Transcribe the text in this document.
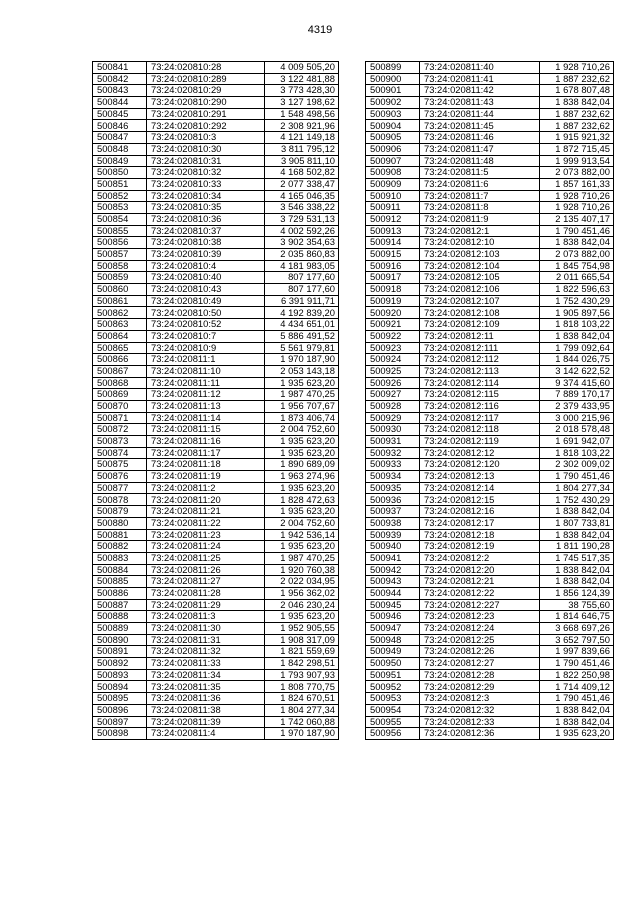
4319
500841	73:24:020810:28	4 009 505,20
500842	73:24:020810:289	3 122 481,88
500843	73:24:020810:29	3 773 428,30
500844	73:24:020810:290	3 127 198,62
500845	73:24:020810:291	1 548 498,56
500846	73:24:020810:292	2 308 921,96
500847	73:24:020810:3	4 121 149,18
500848	73:24:020810:30	3 811 795,12
500849	73:24:020810:31	3 905 811,10
500850	73:24:020810:32	4 168 502,82
500851	73:24:020810:33	2 077 338,47
500852	73:24:020810:34	4 165 046,35
500853	73:24:020810:35	3 546 338,22
500854	73:24:020810:36	3 729 531,13
500855	73:24:020810:37	4 002 592,26
500856	73:24:020810:38	3 902 354,63
500857	73:24:020810:39	2 035 860,83
500858	73:24:020810:4	4 181 983,05
500859	73:24:020810:40	807 177,60
500860	73:24:020810:43	807 177,60
500861	73:24:020810:49	6 391 911,71
500862	73:24:020810:50	4 192 839,20
500863	73:24:020810:52	4 434 651,01
500864	73:24:020810:7	5 886 491,52
500865	73:24:020810:9	5 561 979,81
500866	73:24:020811:1	1 970 187,90
500867	73:24:020811:10	2 053 143,18
500868	73:24:020811:11	1 935 623,20
500869	73:24:020811:12	1 987 470,25
500870	73:24:020811:13	1 956 707,67
500871	73:24:020811:14	1 873 406,74
500872	73:24:020811:15	2 004 752,60
500873	73:24:020811:16	1 935 623,20
500874	73:24:020811:17	1 935 623,20
500875	73:24:020811:18	1 890 689,09
500876	73:24:020811:19	1 963 274,96
500877	73:24:020811:2	1 935 623,20
500878	73:24:020811:20	1 828 472,63
500879	73:24:020811:21	1 935 623,20
500880	73:24:020811:22	2 004 752,60
500881	73:24:020811:23	1 942 536,14
500882	73:24:020811:24	1 935 623,20
500883	73:24:020811:25	1 987 470,25
500884	73:24:020811:26	1 920 760,38
500885	73:24:020811:27	2 022 034,95
500886	73:24:020811:28	1 956 362,02
500887	73:24:020811:29	2 046 230,24
500888	73:24:020811:3	1 935 623,20
500889	73:24:020811:30	1 952 905,55
500890	73:24:020811:31	1 908 317,09
500891	73:24:020811:32	1 821 559,69
500892	73:24:020811:33	1 842 298,51
500893	73:24:020811:34	1 793 907,93
500894	73:24:020811:35	1 808 770,75
500895	73:24:020811:36	1 824 670,51
500896	73:24:020811:38	1 804 277,34
500897	73:24:020811:39	1 742 060,88
500898	73:24:020811:4	1 970 187,90
500899	73:24:020811:40	1 928 710,26
500900	73:24:020811:41	1 887 232,62
500901	73:24:020811:42	1 678 807,48
500902	73:24:020811:43	1 838 842,04
500903	73:24:020811:44	1 887 232,62
500904	73:24:020811:45	1 887 232,62
500905	73:24:020811:46	1 915 921,32
500906	73:24:020811:47	1 872 715,45
500907	73:24:020811:48	1 999 913,54
500908	73:24:020811:5	2 073 882,00
500909	73:24:020811:6	1 857 161,33
500910	73:24:020811:7	1 928 710,26
500911	73:24:020811:8	1 928 710,26
500912	73:24:020811:9	2 135 407,17
500913	73:24:020812:1	1 790 451,46
500914	73:24:020812:10	1 838 842,04
500915	73:24:020812:103	2 073 882,00
500916	73:24:020812:104	1 845 754,98
500917	73:24:020812:105	2 011 665,54
500918	73:24:020812:106	1 822 596,63
500919	73:24:020812:107	1 752 430,29
500920	73:24:020812:108	1 905 897,56
500921	73:24:020812:109	1 818 103,22
500922	73:24:020812:11	1 838 842,04
500923	73:24:020812:111	1 799 092,64
500924	73:24:020812:112	1 844 026,75
500925	73:24:020812:113	3 142 622,52
500926	73:24:020812:114	9 374 415,60
500927	73:24:020812:115	7 889 170,17
500928	73:24:020812:116	2 379 433,95
500929	73:24:020812:117	3 000 215,96
500930	73:24:020812:118	2 018 578,48
500931	73:24:020812:119	1 691 942,07
500932	73:24:020812:12	1 818 103,22
500933	73:24:020812:120	2 302 009,02
500934	73:24:020812:13	1 790 451,46
500935	73:24:020812:14	1 804 277,34
500936	73:24:020812:15	1 752 430,29
500937	73:24:020812:16	1 838 842,04
500938	73:24:020812:17	1 807 733,81
500939	73:24:020812:18	1 838 842,04
500940	73:24:020812:19	1 811 190,28
500941	73:24:020812:2	1 745 517,35
500942	73:24:020812:20	1 838 842,04
500943	73:24:020812:21	1 838 842,04
500944	73:24:020812:22	1 856 124,39
500945	73:24:020812:227	38 755,60
500946	73:24:020812:23	1 814 646,75
500947	73:24:020812:24	3 668 697,26
500948	73:24:020812:25	3 652 797,50
500949	73:24:020812:26	1 997 839,66
500950	73:24:020812:27	1 790 451,46
500951	73:24:020812:28	1 822 250,98
500952	73:24:020812:29	1 714 409,12
500953	73:24:020812:3	1 790 451,46
500954	73:24:020812:32	1 838 842,04
500955	73:24:020812:33	1 838 842,04
500956	73:24:020812:36	1 935 623,20
